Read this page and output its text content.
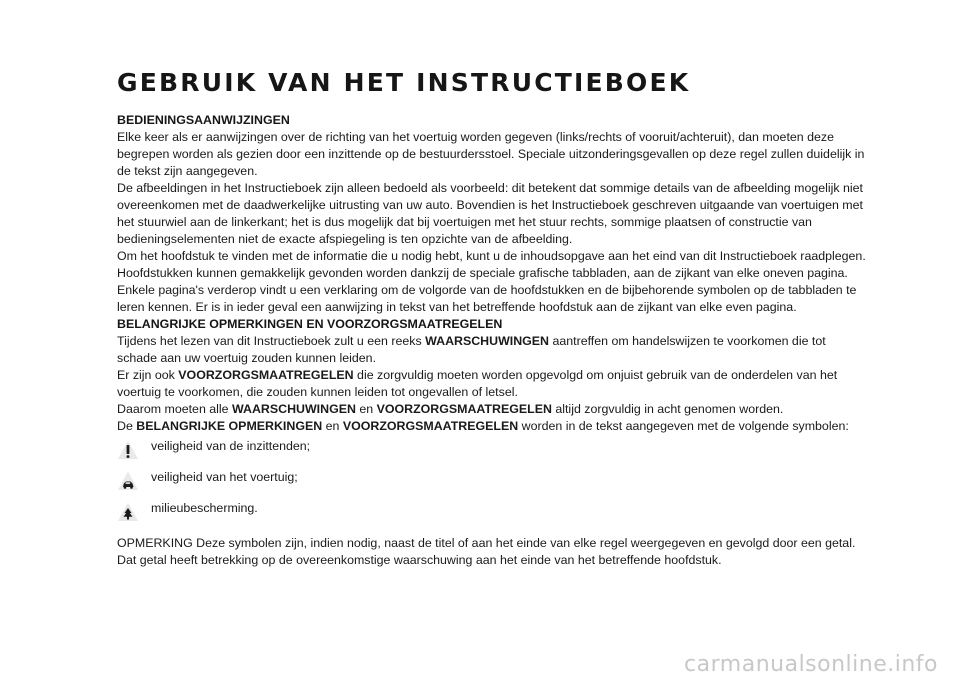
GEBRUIK VAN HET INSTRUCTIEBOEK
BEDIENINGSAANWIJZINGEN

Elke keer als er aanwijzingen over de richting van het voertuig worden gegeven (links/rechts of vooruit/achteruit), dan moeten deze begrepen worden als gezien door een inzittende op de bestuurdersstoel. Speciale uitzonderingsgevallen op deze regel zullen duidelijk in de tekst zijn aangegeven.

De afbeeldingen in het Instructieboek zijn alleen bedoeld als voorbeeld: dit betekent dat sommige details van de afbeelding mogelijk niet overeenkomen met de daadwerkelijke uitrusting van uw auto. Bovendien is het Instructieboek geschreven uitgaande van voertuigen met het stuurwiel aan de linkerkant; het is dus mogelijk dat bij voertuigen met het stuur rechts, sommige plaatsen of constructie van bedieningselementen niet de exacte afspiegeling is ten opzichte van de afbeelding.

Om het hoofdstuk te vinden met de informatie die u nodig hebt, kunt u de inhoudsopgave aan het eind van dit Instructieboek raadplegen.

Hoofdstukken kunnen gemakkelijk gevonden worden dankzij de speciale grafische tabbladen, aan de zijkant van elke oneven pagina. Enkele pagina's verderop vindt u een verklaring om de volgorde van de hoofdstukken en de bijbehorende symbolen op de tabbladen te leren kennen. Er is in ieder geval een aanwijzing in tekst van het betreffende hoofdstuk aan de zijkant van elke even pagina.

BELANGRIJKE OPMERKINGEN EN VOORZORGSMAATREGELEN

Tijdens het lezen van dit Instructieboek zult u een reeks WAARSCHUWINGEN aantreffen om handelswijzen te voorkomen die tot schade aan uw voertuig zouden kunnen leiden.

Er zijn ook VOORZORGSMAATREGELEN die zorgvuldig moeten worden opgevolgd om onjuist gebruik van de onderdelen van het voertuig te voorkomen, die zouden kunnen leiden tot ongevallen of letsel.

Daarom moeten alle WAARSCHUWINGEN en VOORZORGSMAATREGELEN altijd zorgvuldig in acht genomen worden.

De BELANGRIJKE OPMERKINGEN en VOORZORGSMAATREGELEN worden in de tekst aangegeven met de volgende symbolen:

veiligheid van de inzittenden;
veiligheid van het voertuig;
milieubescherming.

OPMERKING Deze symbolen zijn, indien nodig, naast de titel of aan het einde van elke regel weergegeven en gevolgd door een getal. Dat getal heeft betrekking op de overeenkomstige waarschuwing aan het einde van het betreffende hoofdstuk.

carmanualsonline.info
